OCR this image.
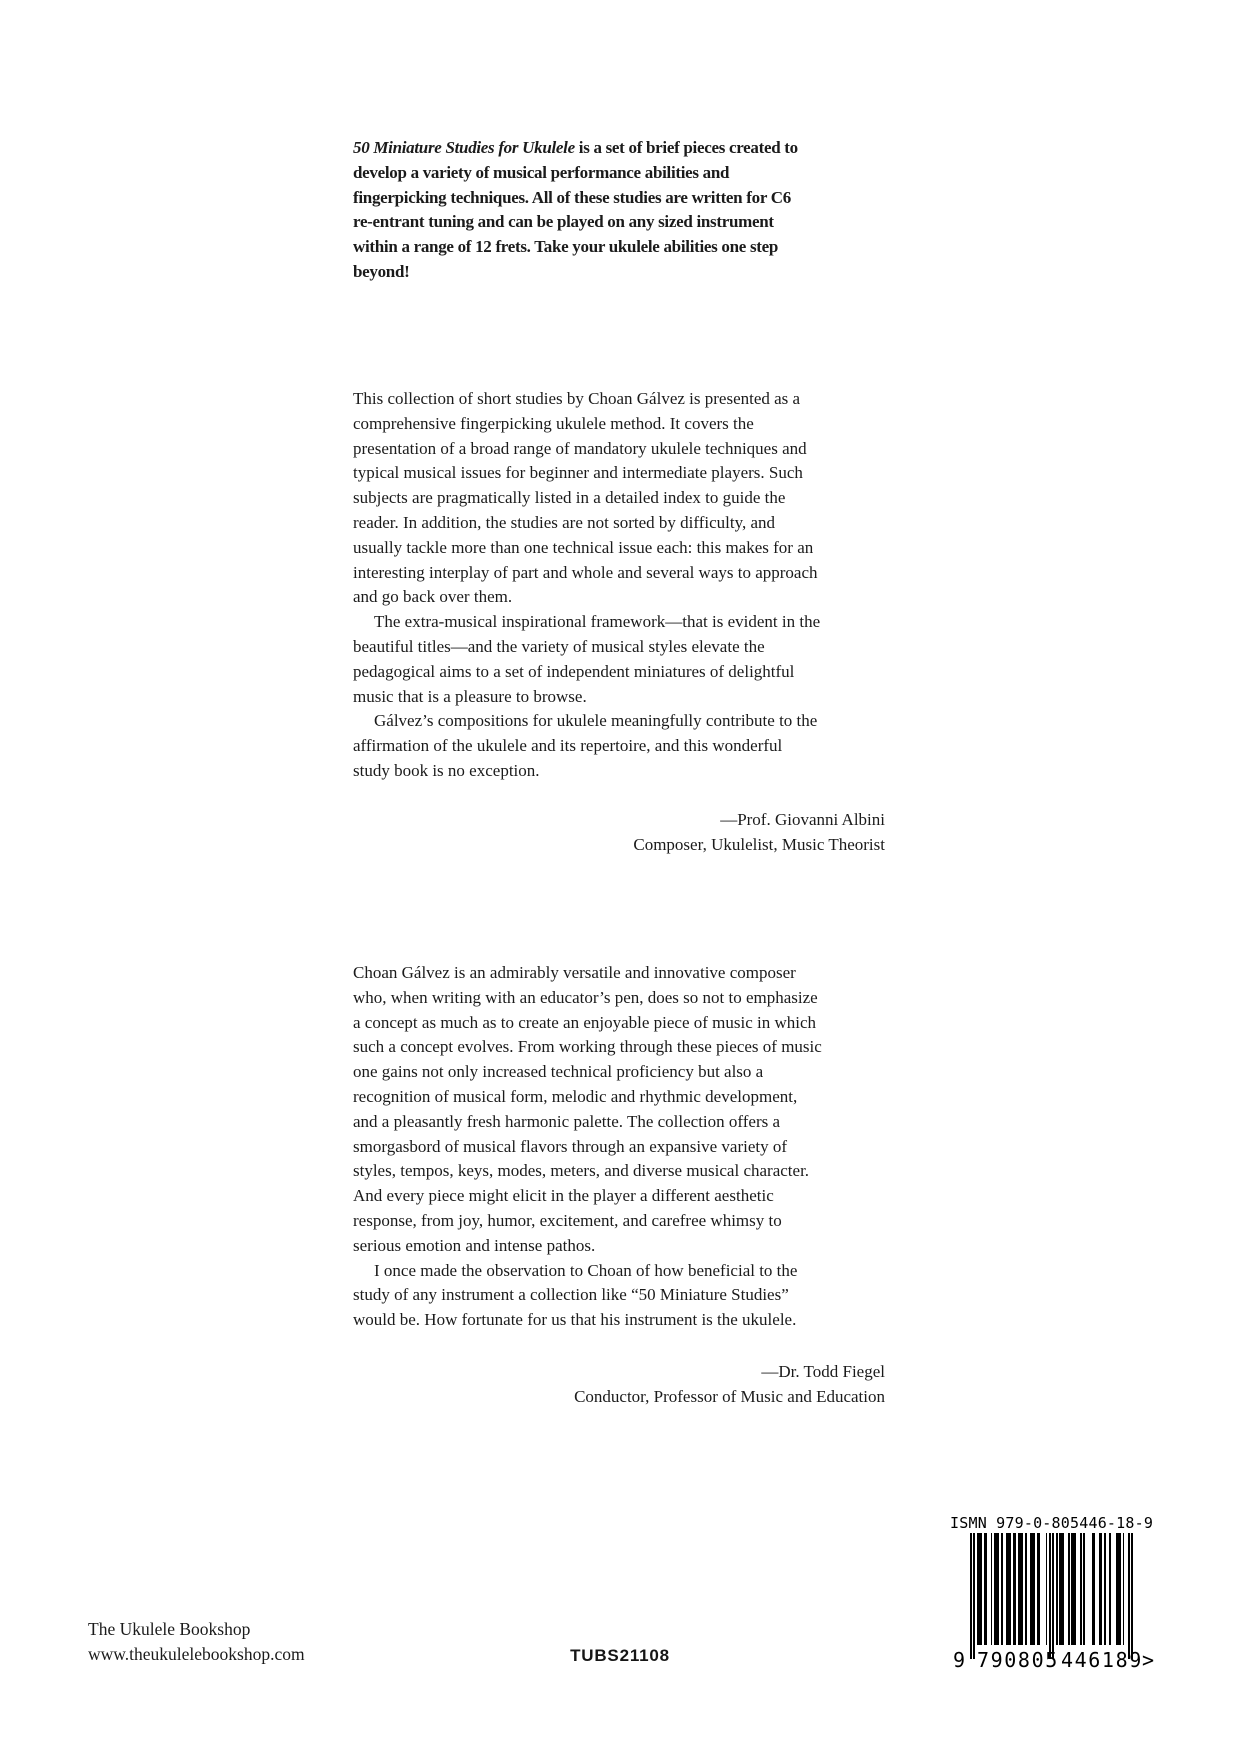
50 Miniature Studies for Ukulele is a set of brief pieces created to
develop a variety of musical performance abilities and
fingerpicking techniques. All of these studies are written for C6
re-entrant tuning and can be played on any sized instrument
within a range of 12 frets. Take your ukulele abilities one step
beyond!
This collection of short studies by Choan Gálvez is presented as a
comprehensive fingerpicking ukulele method. It covers the
presentation of a broad range of mandatory ukulele techniques and
typical musical issues for beginner and intermediate players. Such
subjects are pragmatically listed in a detailed index to guide the
reader. In addition, the studies are not sorted by difficulty, and
usually tackle more than one technical issue each: this makes for an
interesting interplay of part and whole and several ways to approach
and go back over them.
The extra-musical inspirational framework—that is evident in the
beautiful titles—and the variety of musical styles elevate the
pedagogical aims to a set of independent miniatures of delightful
music that is a pleasure to browse.
Gálvez’s compositions for ukulele meaningfully contribute to the
affirmation of the ukulele and its repertoire, and this wonderful
study book is no exception.
—Prof. Giovanni Albini
Composer, Ukulelist, Music Theorist
Choan Gálvez is an admirably versatile and innovative composer
who, when writing with an educator’s pen, does so not to emphasize
a concept as much as to create an enjoyable piece of music in which
such a concept evolves. From working through these pieces of music
one gains not only increased technical proficiency but also a
recognition of musical form, melodic and rhythmic development,
and a pleasantly fresh harmonic palette. The collection offers a
smorgasbord of musical flavors through an expansive variety of
styles, tempos, keys, modes, meters, and diverse musical character.
And every piece might elicit in the player a different aesthetic
response, from joy, humor, excitement, and carefree whimsy to
serious emotion and intense pathos.
I once made the observation to Choan of how beneficial to the
study of any instrument a collection like “50 Miniature Studies”
would be. How fortunate for us that his instrument is the ukulele.
—Dr. Todd Fiegel
Conductor, Professor of Music and Education
The Ukulele Bookshop
www.theukulelebookshop.com	TUBS21108
ISMN 979-0-805446-18-9
9 790805 446189 >
